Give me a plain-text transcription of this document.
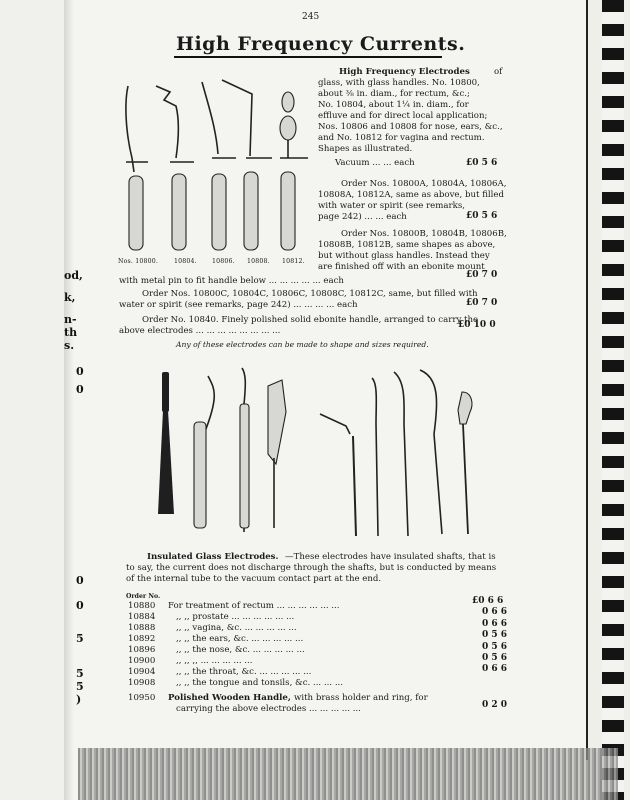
od,
k,
n-
th
s.
0
0
0
0
5
5
5
)
245
High Frequency Currents.
Nos. 10800.	10804. 10806. 10808. 10812.
High Frequency Electrodes	of
glass, with glass handles. No. 10800,
about ⅜ in. diam., for rectum, &c.;
No. 10804, about 1¼ in. diam., for
effluve and for direct local application;
Nos. 10806 and 10808 for nose, ears, &c.,
and No. 10812 for vagina and rectum.
Shapes as illustrated.
Vacuum ... ... each	£0 5 6
Order Nos. 10800A, 10804A, 10806A,
10808A, 10812A, same as above, but filled
with water or spirit (see remarks,
page 242) ... ... each	£0 5 6
Order Nos. 10800B, 10804B, 10806B,
10808B, 10812B, same shapes as above,
but without glass handles. Instead they
are finished off with an ebonite mount
with metal pin to fit handle below ... ... ... ... ... each
£0 7 0
Order Nos. 10800C, 10804C, 10806C, 10808C, 10812C, same, but filled with
water or spirit (see remarks, page 242) ... ... ... ... each	£0 7 0
Order No. 10840. Finely polished solid ebonite handle, arranged to carry the
above electrodes ... ... ... ... ... ... ... ...
£0 10 0
Any of these electrodes can be made to shape and sizes required.
Insulated Glass Electrodes. —These electrodes have insulated shafts, that is
to say, the current does not discharge through the shafts, but is conducted by means
of the internal tube to the vacuum contact part at the end.
Order No.
10880 For treatment of rectum ... ... ... ... ... ...	£0 6 6
10884 ,, ,, prostate ... ... ... ... ... ...	0 6 6
10888 ,, ,, vagina, &c. ... ... ... ... ...	0 6 6
10892 ,, ,, the ears, &c. ... ... ... ... ...	0 5 6
10896 ,, ,, the nose, &c. ... ... ... ... ...	0 5 6
10900 ,, ,, ,, ... ... ... ... ...	0 5 6
10904 ,, ,, the throat, &c. ... ... ... ... ...	0 6 6
10908 ,, ,, the tongue and tonsils, &c. ... ... ...
10950 Polished Wooden Handle, with brass holder and ring, for
carrying the above electrodes ... ... ... ... ...	0 2 0
